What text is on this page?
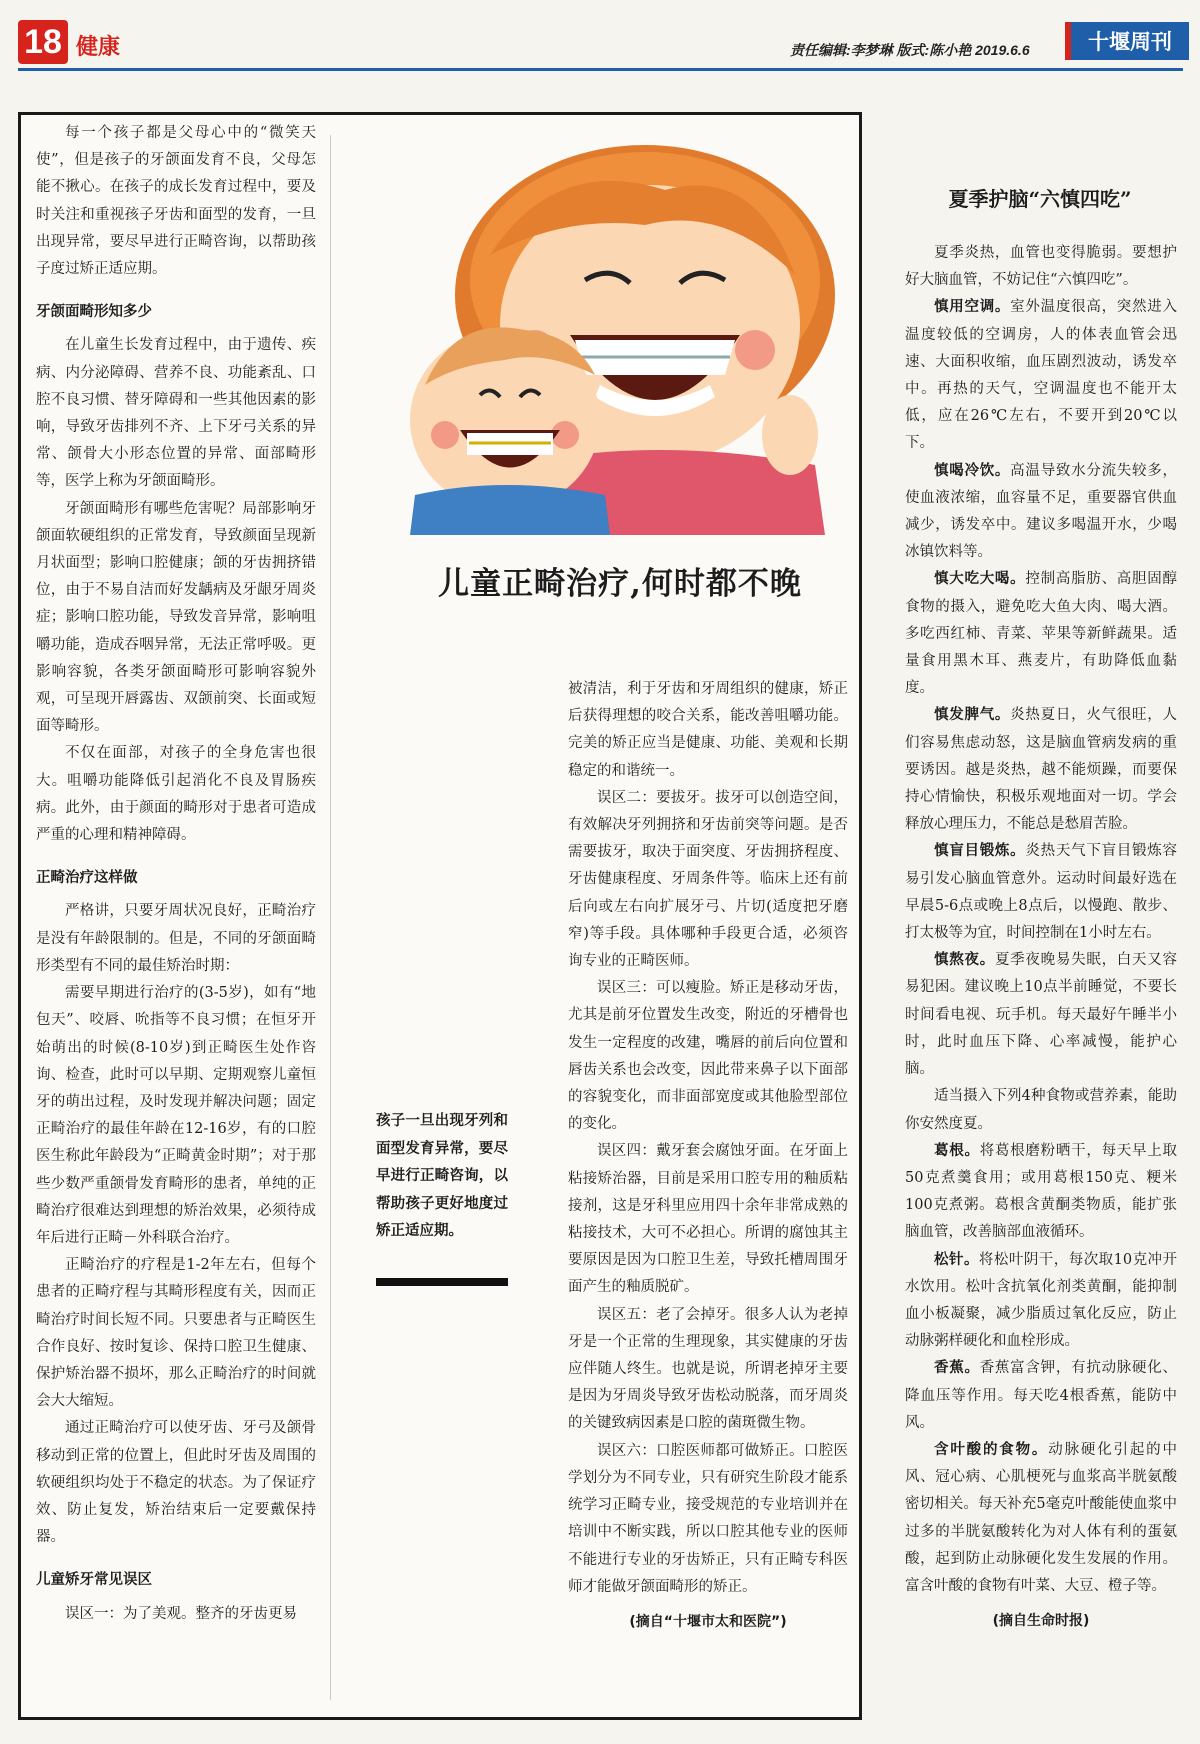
18 健康	责任编辑:李梦琳 版式:陈小艳 2019.6.6	十堰周刊
儿童正畸治疗,何时都不晚

每一个孩子都是父母心中的“微笑天使”，但是孩子的牙颌面发育不良，父母怎能不揪心。在孩子的成长发育过程中，要及时关注和重视孩子牙齿和面型的发育，一旦出现异常，要尽早进行正畸咨询，以帮助孩子度过矫正适应期。

牙颌面畸形知多少

在儿童生长发育过程中，由于遗传、疾病、内分泌障碍、营养不良、功能紊乱、口腔不良习惯、替牙障碍和一些其他因素的影响，导致牙齿排列不齐、上下牙弓关系的异常、颌骨大小形态位置的异常、面部畸形等，医学上称为牙颌面畸形。

牙颌面畸形有哪些危害呢？局部影响牙颌面软硬组织的正常发育，导致颜面呈现新月状面型；影响口腔健康；颌的牙齿拥挤错位，由于不易自洁而好发龋病及牙龈牙周炎症；影响口腔功能，导致发音异常，影响咀嚼功能，造成吞咽异常，无法正常呼吸。更影响容貌，各类牙颌面畸形可影响容貌外观，可呈现开唇露齿、双颌前突、长面或短面等畸形。

不仅在面部，对孩子的全身危害也很大。咀嚼功能降低引起消化不良及胃肠疾病。此外，由于颜面的畸形对于患者可造成严重的心理和精神障碍。

正畸治疗这样做

严格讲，只要牙周状况良好，正畸治疗是没有年龄限制的。但是，不同的牙颌面畸形类型有不同的最佳矫治时期：

需要早期进行治疗的(3-5岁)，如有“地包天”、咬唇、吮指等不良习惯；在恒牙开始萌出的时候(8-10岁)到正畸医生处作咨询、检查，此时可以早期、定期观察儿童恒牙的萌出过程，及时发现并解决问题；固定正畸治疗的最佳年龄在12-16岁，有的口腔医生称此年龄段为“正畸黄金时期”；对于那些少数严重颌骨发育畸形的患者，单纯的正畸治疗很难达到理想的矫治效果，必须待成年后进行正畸－外科联合治疗。

正畸治疗的疗程是1-2年左右，但每个患者的正畸疗程与其畸形程度有关，因而正畸治疗时间长短不同。只要患者与正畸医生合作良好、按时复诊、保持口腔卫生健康、保护矫治器不损坏，那么正畸治疗的时间就会大大缩短。

通过正畸治疗可以使牙齿、牙弓及颌骨移动到正常的位置上，但此时牙齿及周围的软硬组织均处于不稳定的状态。为了保证疗效、防止复发，矫治结束后一定要戴保持器。

儿童矫牙常见误区

误区一：为了美观。整齐的牙齿更易

孩子一旦出现牙列和面型发育异常，要尽早进行正畸咨询，以帮助孩子更好地度过矫正适应期。

被清洁，利于牙齿和牙周组织的健康，矫正后获得理想的咬合关系，能改善咀嚼功能。完美的矫正应当是健康、功能、美观和长期稳定的和谐统一。

误区二：要拔牙。拔牙可以创造空间，有效解决牙列拥挤和牙齿前突等问题。是否需要拔牙，取决于面突度、牙齿拥挤程度、牙齿健康程度、牙周条件等。临床上还有前后向或左右向扩展牙弓、片切(适度把牙磨窄)等手段。具体哪种手段更合适，必须咨询专业的正畸医师。

误区三：可以瘦脸。矫正是移动牙齿，尤其是前牙位置发生改变，附近的牙槽骨也发生一定程度的改建，嘴唇的前后向位置和唇齿关系也会改变，因此带来鼻子以下面部的容貌变化，而非面部宽度或其他脸型部位的变化。

误区四：戴牙套会腐蚀牙面。在牙面上粘接矫治器，目前是采用口腔专用的釉质粘接剂，这是牙科里应用四十余年非常成熟的粘接技术，大可不必担心。所谓的腐蚀其主要原因是因为口腔卫生差，导致托槽周围牙面产生的釉质脱矿。

误区五：老了会掉牙。很多人认为老掉牙是一个正常的生理现象，其实健康的牙齿应伴随人终生。也就是说，所谓老掉牙主要是因为牙周炎导致牙齿松动脱落，而牙周炎的关键致病因素是口腔的菌斑微生物。

误区六：口腔医师都可做矫正。口腔医学划分为不同专业，只有研究生阶段才能系统学习正畸专业，接受规范的专业培训并在培训中不断实践，所以口腔其他专业的医师不能进行专业的牙齿矫正，只有正畸专科医师才能做牙颌面畸形的矫正。

(摘自“十堰市太和医院”)

夏季护脑“六慎四吃”

夏季炎热，血管也变得脆弱。要想护好大脑血管，不妨记住“六慎四吃”。

慎用空调。室外温度很高，突然进入温度较低的空调房，人的体表血管会迅速、大面积收缩，血压剧烈波动，诱发卒中。再热的天气，空调温度也不能开太低，应在26℃左右，不要开到20℃以下。

慎喝冷饮。高温导致水分流失较多，使血液浓缩，血容量不足，重要器官供血减少，诱发卒中。建议多喝温开水，少喝冰镇饮料等。

慎大吃大喝。控制高脂肪、高胆固醇食物的摄入，避免吃大鱼大肉、喝大酒。多吃西红柿、青菜、苹果等新鲜蔬果。适量食用黑木耳、燕麦片，有助降低血黏度。

慎发脾气。炎热夏日，火气很旺，人们容易焦虑动怒，这是脑血管病发病的重要诱因。越是炎热，越不能烦躁，而要保持心情愉快，积极乐观地面对一切。学会释放心理压力，不能总是愁眉苦脸。

慎盲目锻炼。炎热天气下盲目锻炼容易引发心脑血管意外。运动时间最好选在早晨5-6点或晚上8点后，以慢跑、散步、打太极等为宜，时间控制在1小时左右。

慎熬夜。夏季夜晚易失眠，白天又容易犯困。建议晚上10点半前睡觉，不要长时间看电视、玩手机。每天最好午睡半小时，此时血压下降、心率减慢，能护心脑。

适当摄入下列4种食物或营养素，能助你安然度夏。

葛根。将葛根磨粉晒干，每天早上取50克煮羹食用；或用葛根150克、粳米100克煮粥。葛根含黄酮类物质，能扩张脑血管，改善脑部血液循环。

松针。将松叶阴干，每次取10克冲开水饮用。松叶含抗氧化剂类黄酮，能抑制血小板凝聚，减少脂质过氧化反应，防止动脉粥样硬化和血栓形成。

香蕉。香蕉富含钾，有抗动脉硬化、降血压等作用。每天吃4根香蕉，能防中风。

含叶酸的食物。动脉硬化引起的中风、冠心病、心肌梗死与血浆高半胱氨酸密切相关。每天补充5毫克叶酸能使血浆中过多的半胱氨酸转化为对人体有利的蛋氨酸，起到防止动脉硬化发生发展的作用。富含叶酸的食物有叶菜、大豆、橙子等。

(摘自生命时报)
